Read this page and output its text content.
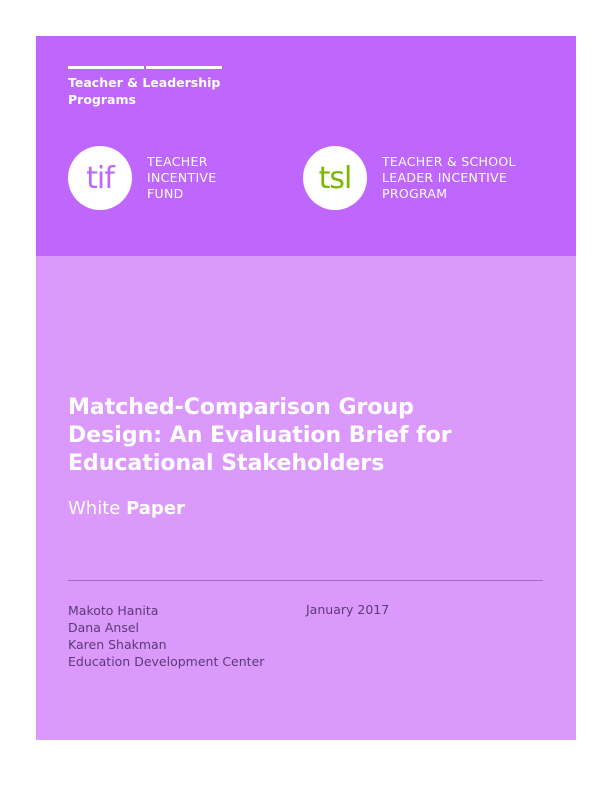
Teacher & Leadership
Programs
tif	TEACHER
INCENTIVE
FUND	tsl TEACHER & SCHOOL
LEADER INCENTIVE
PROGRAM
Matched-Comparison Group
Design: An Evaluation Brief for
Educational Stakeholders
White Paper
Makoto Hanita
Dana Ansel
Karen Shakman
Education Development Center
January 2017
